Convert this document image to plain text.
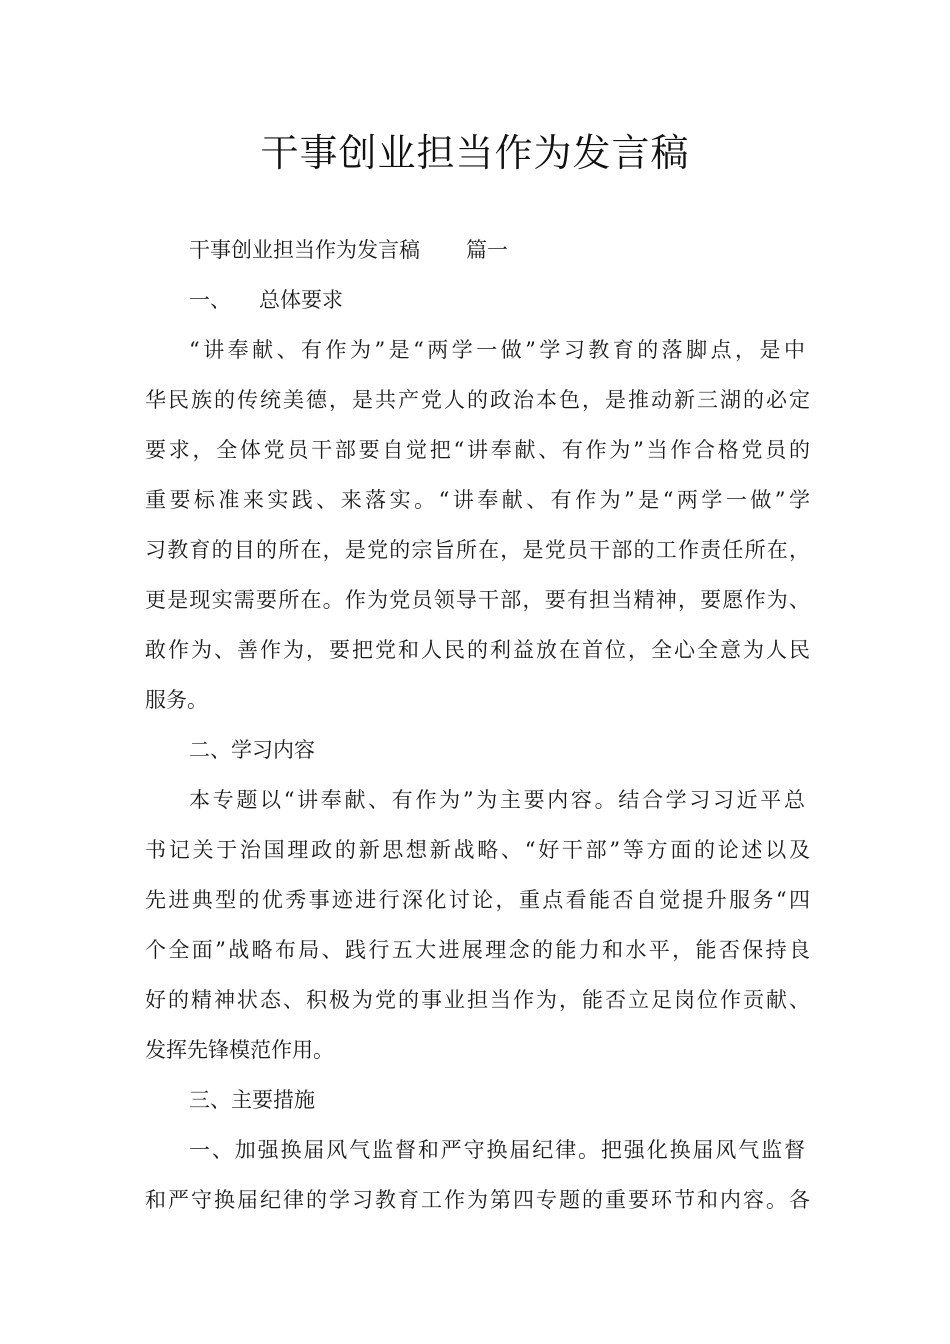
干事创业担当作为发言稿

干事创业担当作为发言稿 篇一

一、 总体要求

“讲奉献、有作为”是“两学一做”学习教育的落脚点，是中

华民族的传统美德，是共产党人的政治本色，是推动新三湖的必定

要求，全体党员干部要自觉把“讲奉献、有作为”当作合格党员的

重要标准来实践、来落实。“讲奉献、有作为”是“两学一做”学

习教育的目的所在，是党的宗旨所在，是党员干部的工作责任所在，

更是现实需要所在。作为党员领导干部，要有担当精神，要愿作为、

敢作为、善作为，要把党和人民的利益放在首位，全心全意为人民

服务。

二、学习内容

本专题以“讲奉献、有作为”为主要内容。结合学习习近平总

书记关于治国理政的新思想新战略、“好干部”等方面的论述以及

先进典型的优秀事迹进行深化讨论，重点看能否自觉提升服务“四

个全面”战略布局、践行五大进展理念的能力和水平，能否保持良

好的精神状态、积极为党的事业担当作为，能否立足岗位作贡献、

发挥先锋模范作用。

三、主要措施

一、加强换届风气监督和严守换届纪律。把强化换届风气监督

和严守换届纪律的学习教育工作为第四专题的重要环节和内容。各
